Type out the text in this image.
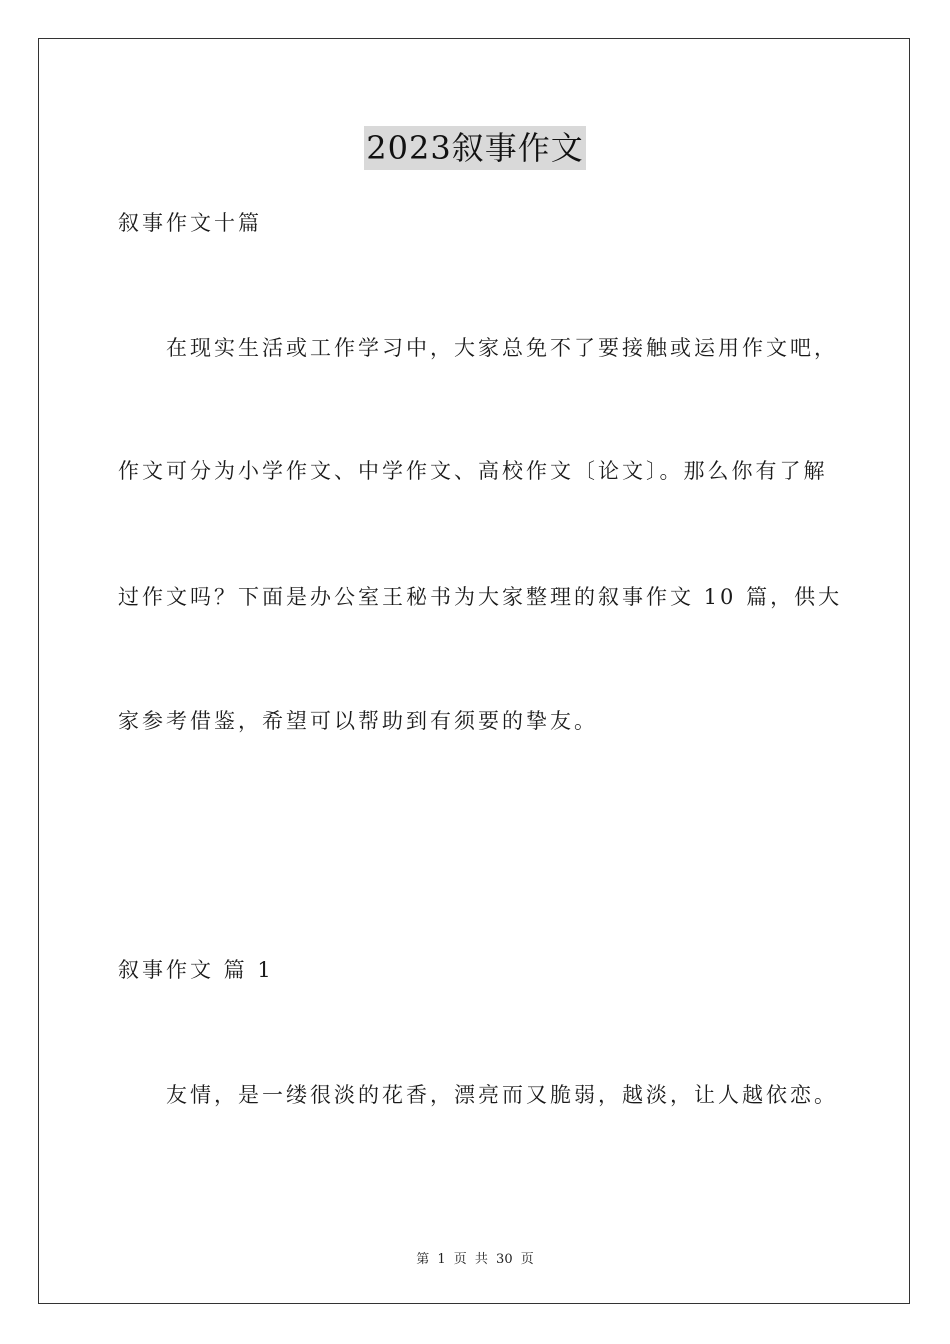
2023叙事作文
叙事作文十篇
在现实生活或工作学习中，大家总免不了要接触或运用作文吧，
作文可分为小学作文、中学作文、高校作文〔论文〕。那么你有了解
过作文吗？下面是办公室王秘书为大家整理的叙事作文 10 篇，供大
家参考借鉴，希望可以帮助到有须要的挚友。
叙事作文 篇 1
友情，是一缕很淡的花香，漂亮而又脆弱，越淡，让人越依恋。
第 1 页 共 30 页
